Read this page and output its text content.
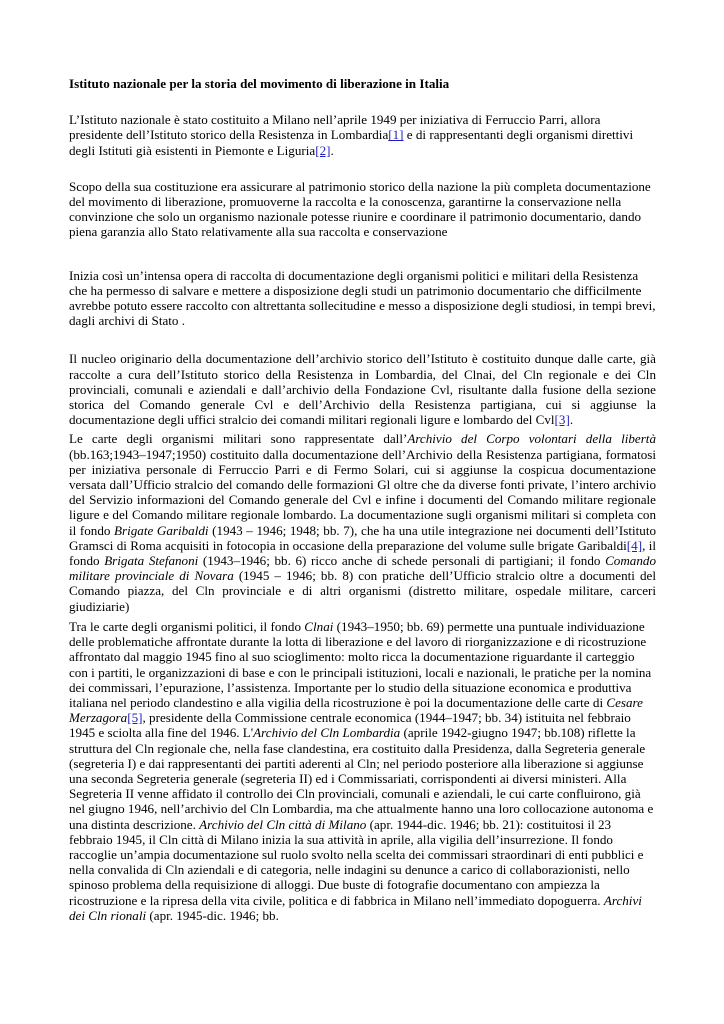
Istituto nazionale per la storia del movimento di liberazione in Italia

L’Istituto nazionale è stato costituito a Milano nell’aprile 1949 per iniziativa di Ferruccio Parri, allora presidente dell’Istituto storico della Resistenza in Lombardia[1] e di rappresentanti degli organismi direttivi degli Istituti già esistenti in Piemonte e Liguria[2].

Scopo della sua costituzione era assicurare al patrimonio storico della nazione la più completa documentazione del movimento di liberazione, promuoverne la raccolta e la conoscenza, garantirne la conservazione nella convinzione che solo un organismo nazionale potesse riunire e coordinare il patrimonio documentario, dando piena garanzia allo Stato relativamente alla sua raccolta e conservazione

Inizia così un’intensa opera di raccolta di documentazione degli organismi politici e militari della Resistenza che ha permesso di salvare e mettere a disposizione degli studi un patrimonio documentario che difficilmente avrebbe potuto essere raccolto con altrettanta sollecitudine e messo a disposizione degli studiosi, in tempi brevi, dagli archivi di Stato .

Il nucleo originario della documentazione dell’archivio storico dell’Istituto è costituito dunque dalle carte, già raccolte a cura dell’Istituto storico della Resistenza in Lombardia, del Clnai, del Cln regionale e dei Cln provinciali, comunali e aziendali e dall’archivio della Fondazione Cvl, risultante dalla fusione della sezione storica del Comando generale Cvl e dell’Archivio della Resistenza partigiana, cui si aggiunse la documentazione degli uffici stralcio dei comandi militari regionali ligure e lombardo del Cvl[3].

Le carte degli organismi militari sono rappresentate dall’Archivio del Corpo volontari della libertà (bb.163;1943–1947;1950) costituito dalla documentazione dell’Archivio della Resistenza partigiana, formatosi per iniziativa personale di Ferruccio Parri e di Fermo Solari, cui si aggiunse la cospicua documentazione versata dall’Ufficio stralcio del comando delle formazioni Gl oltre che da diverse fonti private, l’intero archivio del Servizio informazioni del Comando generale del Cvl e infine i documenti del Comando militare regionale ligure e del Comando militare regionale lombardo. La documentazione sugli organismi militari si completa con il fondo Brigate Garibaldi (1943 – 1946; 1948; bb. 7), che ha una utile integrazione nei documenti dell’Istituto Gramsci di Roma acquisiti in fotocopia in occasione della preparazione del volume sulle brigate Garibaldi[4], il fondo Brigata Stefanoni (1943–1946; bb. 6) ricco anche di schede personali di partigiani; il fondo Comando militare provinciale di Novara (1945 – 1946; bb. 8) con pratiche dell’Ufficio stralcio oltre a documenti del Comando piazza, del Cln provinciale e di altri organismi (distretto militare, ospedale militare, carceri giudiziarie)

Tra le carte degli organismi politici, il fondo Clnai (1943–1950; bb. 69) permette una puntuale individuazione delle problematiche affrontate durante la lotta di liberazione e del lavoro di riorganizzazione e di ricostruzione affrontato dal maggio 1945 fino al suo scioglimento: molto ricca la documentazione riguardante il carteggio con i partiti, le organizzazioni di base e con le principali istituzioni, locali e nazionali, le pratiche per la nomina dei commissari, l’epurazione, l’assistenza. Importante per lo studio della situazione economica e produttiva italiana nel periodo clandestino e alla vigilia della ricostruzione è poi la documentazione delle carte di Cesare Merzagora[5], presidente della Commissione centrale economica (1944–1947; bb. 34) istituita nel febbraio 1945 e sciolta alla fine del 1946. L'Archivio del Cln Lombardia (aprile 1942-giugno 1947; bb.108) riflette la struttura del Cln regionale che, nella fase clandestina, era costituito dalla Presidenza, dalla Segreteria generale (segreteria I) e dai rappresentanti dei partiti aderenti al Cln; nel periodo posteriore alla liberazione si aggiunse una seconda Segreteria generale (segreteria II) ed i Commissariati, corrispondenti ai diversi ministeri. Alla Segreteria II venne affidato il controllo dei Cln provinciali, comunali e aziendali, le cui carte confluirono, già nel giugno 1946, nell’archivio del Cln Lombardia, ma che attualmente hanno una loro collocazione autonoma e una distinta descrizione. Archivio del Cln città di Milano (apr. 1944-dic. 1946; bb. 21): costituitosi il 23 febbraio 1945, il Cln città di Milano inizia la sua attività in aprile, alla vigilia dell’insurrezione. Il fondo raccoglie un’ampia documentazione sul ruolo svolto nella scelta dei commissari straordinari di enti pubblici e nella convalida di Cln aziendali e di categoria, nelle indagini su denunce a carico di collaborazionisti, nello spinoso problema della requisizione di alloggi. Due buste di fotografie documentano con ampiezza la ricostruzione e la ripresa della vita civile, politica e di fabbrica in Milano nell’immediato dopoguerra. Archivi dei Cln rionali (apr. 1945-dic. 1946; bb.
